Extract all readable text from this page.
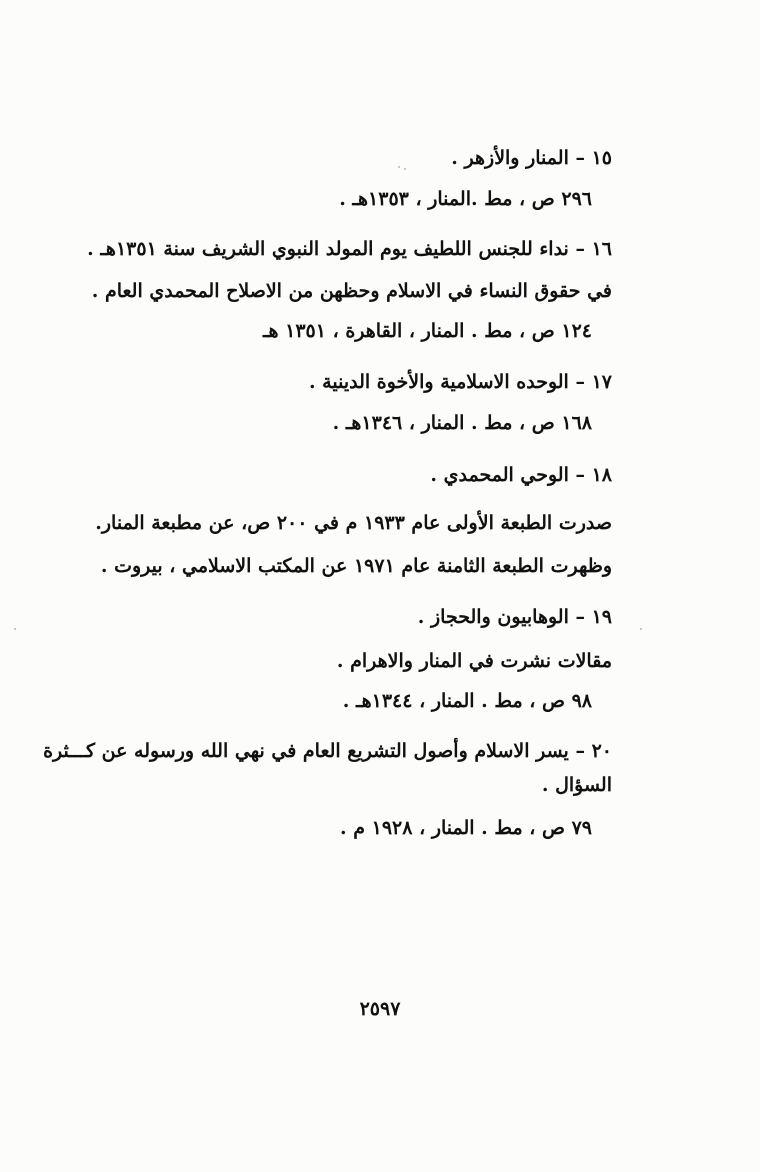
١٥ – المنار والأزهر .
٢٩٦ ص ، مط .المنار ، ١٣٥٣هـ .
١٦ – نداء للجنس اللطيف يوم المولد النبوي الشريف سنة ١٣٥١هـ .
في حقوق النساء في الاسلام وحظهن من الاصلاح المحمدي العام .
١٢٤ ص ، مط . المنار ، القاهرة ، ١٣٥١ هـ
١٧ – الوحده الاسلامية والأخوة الدينية .
١٦٨ ص ، مط . المنار ، ١٣٤٦هـ .
١٨ – الوحي المحمدي .
صدرت الطبعة الأولى عام ١٩٣٣ م في ٢٠٠ ص، عن مطبعة المنار.
وظهرت الطبعة الثامنة عام ١٩٧١ عن المكتب الاسلامي ، بيروت .
١٩ – الوهابيون والحجاز .
مقالات نشرت في المنار والاهرام .
٩٨ ص ، مط . المنار ، ١٣٤٤هـ .
٢٠ – يسر الاسلام وأصول التشريع العام في نهي الله ورسوله عن كـــثرة
السؤال .
٧٩ ص ، مط . المنار ، ١٩٢٨ م .
٢٥٩٧
